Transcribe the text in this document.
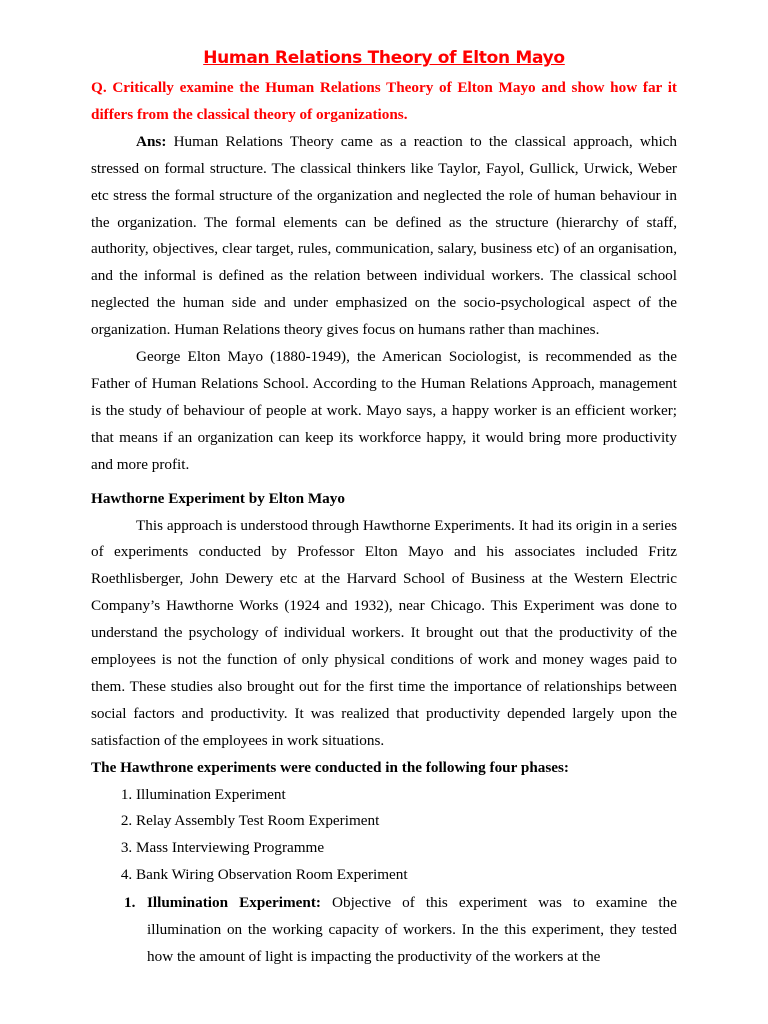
Human Relations Theory of Elton Mayo

Q. Critically examine the Human Relations Theory of Elton Mayo and show how far it differs from the classical theory of organizations.

Ans: Human Relations Theory came as a reaction to the classical approach, which stressed on formal structure. The classical thinkers like Taylor, Fayol, Gullick, Urwick, Weber etc stress the formal structure of the organization and neglected the role of human behaviour in the organization. The formal elements can be defined as the structure (hierarchy of staff, authority, objectives, clear target, rules, communication, salary, business etc) of an organisation, and the informal is defined as the relation between individual workers. The classical school neglected the human side and under emphasized on the socio-psychological aspect of the organization. Human Relations theory gives focus on humans rather than machines.

George Elton Mayo (1880-1949), the American Sociologist, is recommended as the Father of Human Relations School. According to the Human Relations Approach, management is the study of behaviour of people at work. Mayo says, a happy worker is an efficient worker; that means if an organization can keep its workforce happy, it would bring more productivity and more profit.

Hawthorne Experiment by Elton Mayo

This approach is understood through Hawthorne Experiments. It had its origin in a series of experiments conducted by Professor Elton Mayo and his associates included Fritz Roethlisberger, John Dewery etc at the Harvard School of Business at the Western Electric Company’s Hawthorne Works (1924 and 1932), near Chicago. This Experiment was done to understand the psychology of individual workers. It brought out that the productivity of the employees is not the function of only physical conditions of work and money wages paid to them. These studies also brought out for the first time the importance of relationships between social factors and productivity. It was realized that productivity depended largely upon the satisfaction of the employees in work situations.

The Hawthrone experiments were conducted in the following four phases:

1. Illumination Experiment
2. Relay Assembly Test Room Experiment
3. Mass Interviewing Programme
4. Bank Wiring Observation Room Experiment
1. Illumination Experiment: Objective of this experiment was to examine the illumination on the working capacity of workers. In the this experiment, they tested how the amount of light is impacting the productivity of the workers at the
